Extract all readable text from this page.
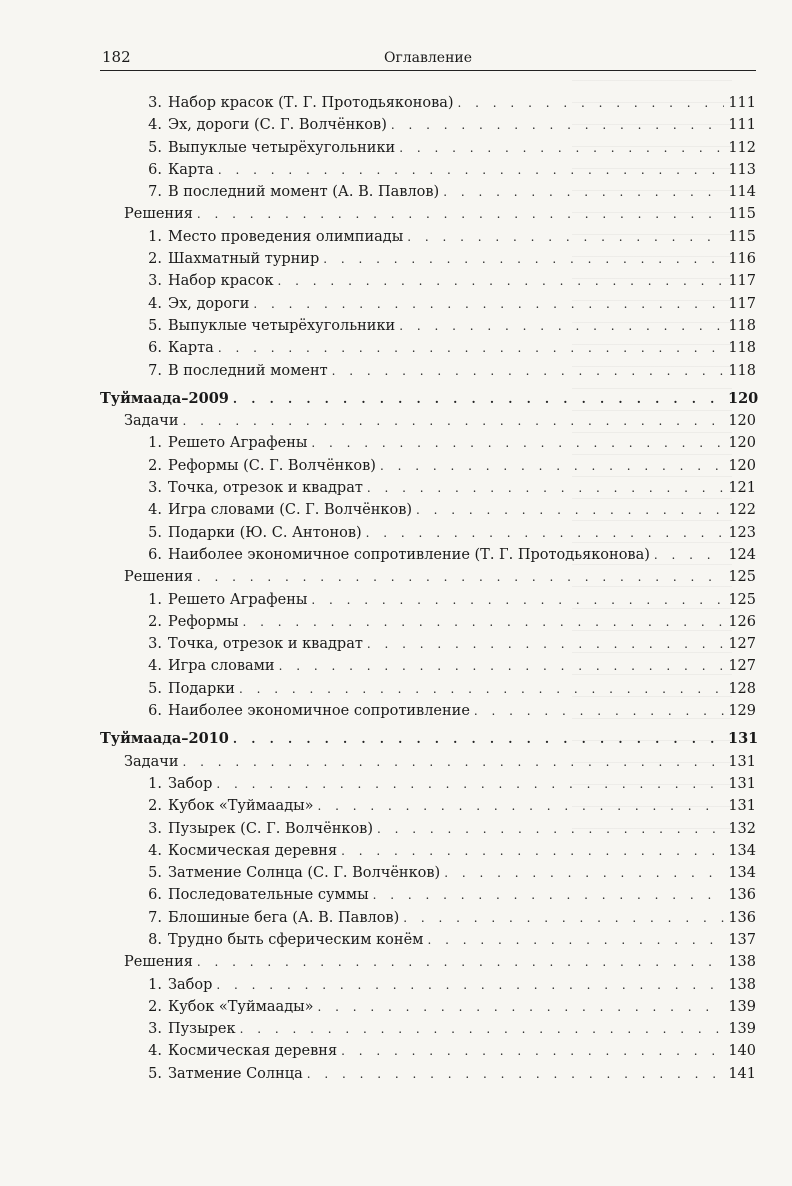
182	Оглавление
3. Набор красок (Т. Г. Протодьяконова) . . .	111
4. Эх, дороги (С. Г. Волчёнков) . . .	111
5. Выпуклые четырёхугольники . . .	112
6. Карта . . .	113
7. В последний момент (А. В. Павлов) . . .	114
Решения . . .	115
1. Место проведения олимпиады . . .	115
2. Шахматный турнир . . .	116
3. Набор красок . . .	117
4. Эх, дороги . . .	117
5. Выпуклые четырёхугольники . . .	118
6. Карта . . .	118
7. В последний момент . . .	118
Туймаада–2009 . . .	120
Задачи . . .	120
1. Решето Аграфены . . .	120
2. Реформы (С. Г. Волчёнков) . . .	120
3. Точка, отрезок и квадрат . . .	121
4. Игра словами (С. Г. Волчёнков) . . .	122
5. Подарки (Ю. С. Антонов) . . .	123
6. Наиболее экономичное сопротивление (Т. Г. Протодьяконова) . . .	124
Решения . . .	125
1. Решето Аграфены . . .	125
2. Реформы . . .	126
3. Точка, отрезок и квадрат . . .	127
4. Игра словами . . .	127
5. Подарки . . .	128
6. Наиболее экономичное сопротивление . . .	129
Туймаада–2010 . . .	131
Задачи . . .	131
1. Забор . . .	131
2. Кубок «Туймаады» . . .	131
3. Пузырек (С. Г. Волчёнков) . . .	132
4. Космическая деревня . . .	134
5. Затмение Солнца (С. Г. Волчёнков) . . .	134
6. Последовательные суммы . . .	136
7. Блошиные бега (А. В. Павлов) . . .	136
8. Трудно быть сферическим конём . . .	137
Решения . . .	138
1. Забор . . .	138
2. Кубок «Туймаады» . . .	139
3. Пузырек . . .	139
4. Космическая деревня . . .	140
5. Затмение Солнца . . .	141
